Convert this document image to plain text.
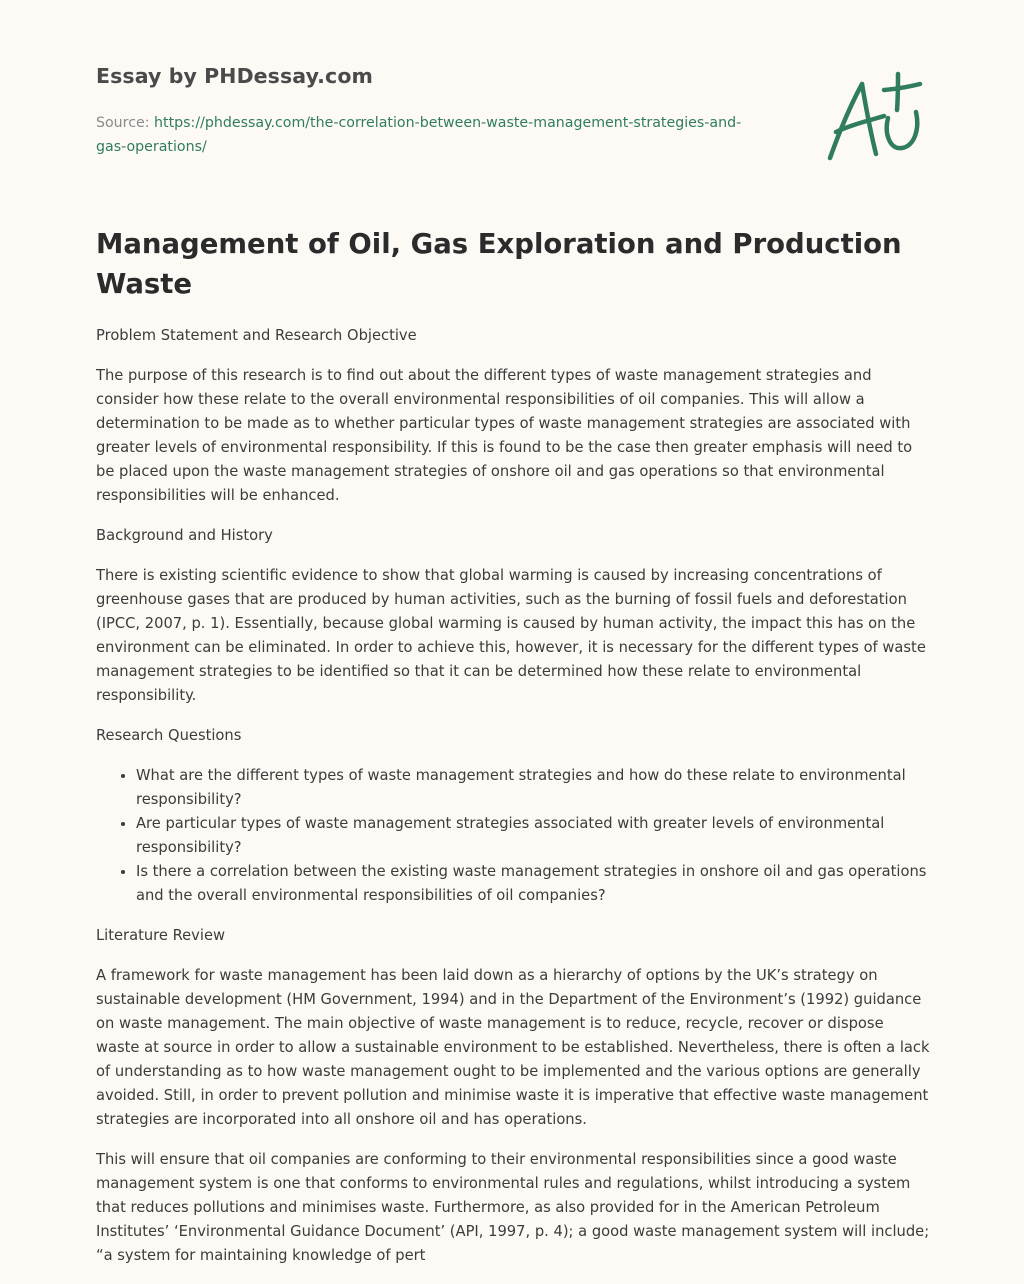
Essay by PHDessay.com
Source: https://phdessay.com/the-correlation-between-waste-management-strategies-and-gas-operations/
Management of Oil, Gas Exploration and Production Waste

Problem Statement and Research Objective

The purpose of this research is to find out about the different types of waste management strategies and consider how these relate to the overall environmental responsibilities of oil companies. This will allow a determination to be made as to whether particular types of waste management strategies are associated with greater levels of environmental responsibility. If this is found to be the case then greater emphasis will need to be placed upon the waste management strategies of onshore oil and gas operations so that environmental responsibilities will be enhanced.

Background and History

There is existing scientific evidence to show that global warming is caused by increasing concentrations of greenhouse gases that are produced by human activities, such as the burning of fossil fuels and deforestation (IPCC, 2007, p. 1). Essentially, because global warming is caused by human activity, the impact this has on the environment can be eliminated. In order to achieve this, however, it is necessary for the different types of waste management strategies to be identified so that it can be determined how these relate to environmental responsibility.

Research Questions

• What are the different types of waste management strategies and how do these relate to environmental responsibility?
• Are particular types of waste management strategies associated with greater levels of environmental responsibility?
• Is there a correlation between the existing waste management strategies in onshore oil and gas operations and the overall environmental responsibilities of oil companies?

Literature Review

A framework for waste management has been laid down as a hierarchy of options by the UK’s strategy on sustainable development (HM Government, 1994) and in the Department of the Environment’s (1992) guidance on waste management. The main objective of waste management is to reduce, recycle, recover or dispose waste at source in order to allow a sustainable environment to be established. Nevertheless, there is often a lack of understanding as to how waste management ought to be implemented and the various options are generally avoided. Still, in order to prevent pollution and minimise waste it is imperative that effective waste management strategies are incorporated into all onshore oil and has operations.

This will ensure that oil companies are conforming to their environmental responsibilities since a good waste management system is one that conforms to environmental rules and regulations, whilst introducing a system that reduces pollutions and minimises waste. Furthermore, as also provided for in the American Petroleum Institutes’ ‘Environmental Guidance Document’ (API, 1997, p. 4); a good waste management system will include; “a system for maintaining knowledge of pert
